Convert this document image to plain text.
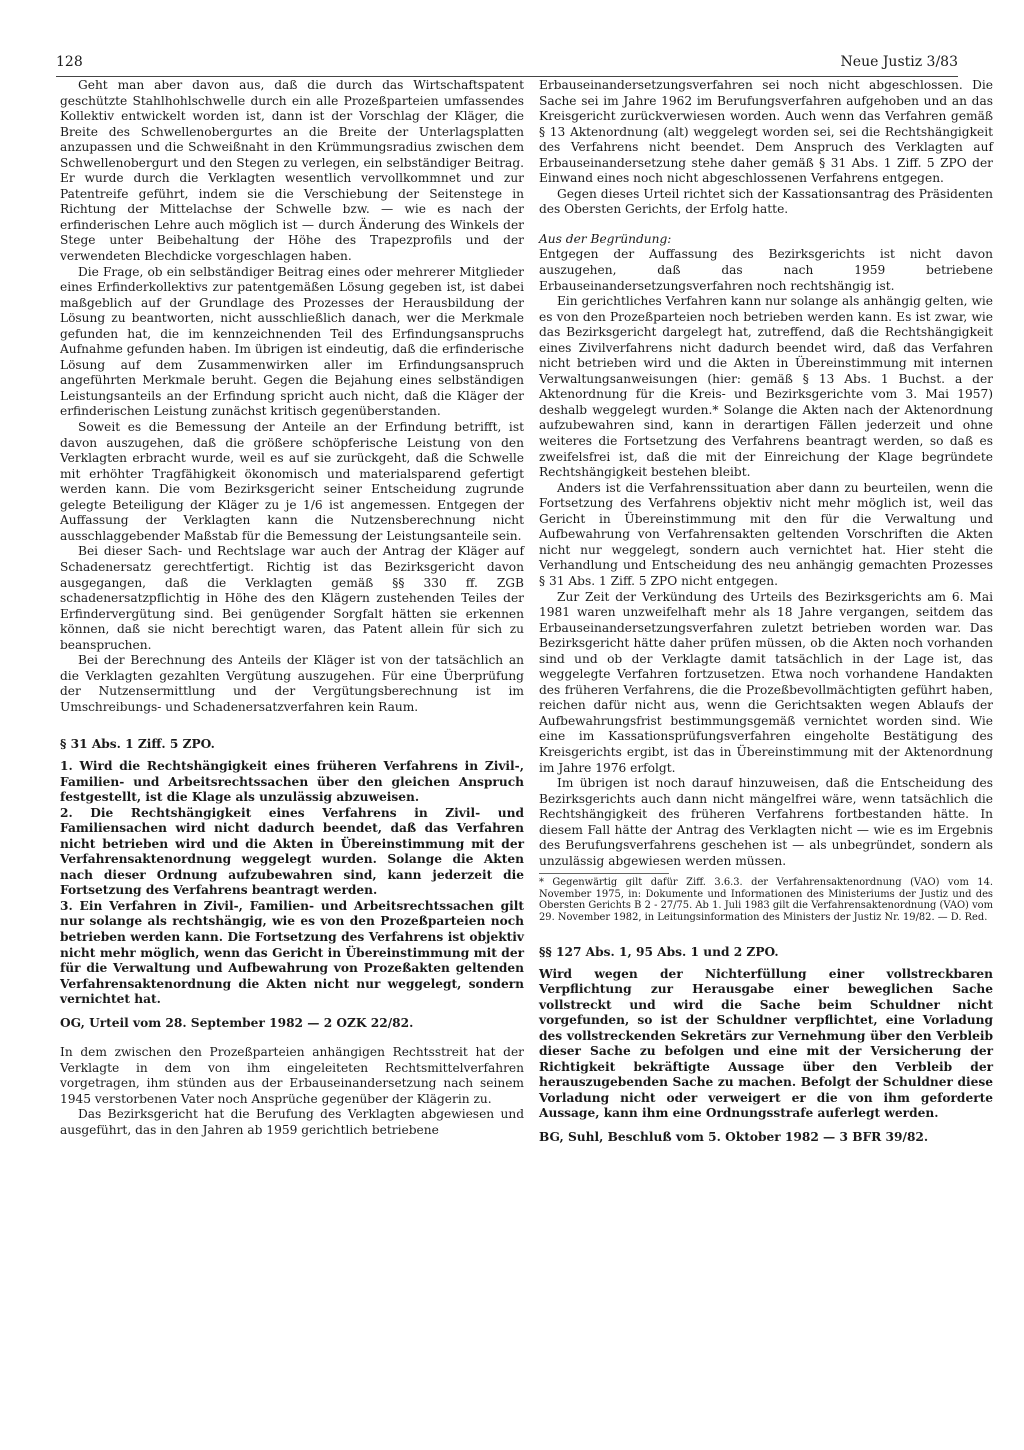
128	Neue Justiz 3/83

Geht man aber davon aus, daß die durch das Wirtschaftspatent geschützte Stahlhohlschwelle durch ein alle Prozeßparteien umfassendes Kollektiv entwickelt worden ist, dann ist der Vorschlag der Kläger, die Breite des Schwellenobergurtes an die Breite der Unterlagsplatten anzupassen und die Schweißnaht in den Krümmungsradius zwischen dem Schwellenobergurt und den Stegen zu verlegen, ein selbständiger Beitrag. Er wurde durch die Verklagten wesentlich vervollkommnet und zur Patentreife geführt, indem sie die Verschiebung der Seitenstege in Richtung der Mittelachse der Schwelle bzw. — wie es nach der erfinderischen Lehre auch möglich ist — durch Änderung des Winkels der Stege unter Beibehaltung der Höhe des Trapezprofils und der verwendeten Blechdicke vorgeschlagen haben.

Die Frage, ob ein selbständiger Beitrag eines oder mehrerer Mitglieder eines Erfinderkollektivs zur patentgemäßen Lösung gegeben ist, ist dabei maßgeblich auf der Grundlage des Prozesses der Herausbildung der Lösung zu beantworten, nicht ausschließlich danach, wer die Merkmale gefunden hat, die im kennzeichnenden Teil des Erfindungsanspruchs Aufnahme gefunden haben. Im übrigen ist eindeutig, daß die erfinderische Lösung auf dem Zusammenwirken aller im Erfindungsanspruch angeführten Merkmale beruht. Gegen die Bejahung eines selbständigen Leistungsanteils an der Erfindung spricht auch nicht, daß die Kläger der erfinderischen Leistung zunächst kritisch gegenüberstanden.

Soweit es die Bemessung der Anteile an der Erfindung betrifft, ist davon auszugehen, daß die größere schöpferische Leistung von den Verklagten erbracht wurde, weil es auf sie zurückgeht, daß die Schwelle mit erhöhter Tragfähigkeit ökonomisch und materialsparend gefertigt werden kann. Die vom Bezirksgericht seiner Entscheidung zugrunde gelegte Beteiligung der Kläger zu je 1/6 ist angemessen. Entgegen der Auffassung der Verklagten kann die Nutzensberechnung nicht ausschlaggebender Maßstab für die Bemessung der Leistungsanteile sein.

Bei dieser Sach- und Rechtslage war auch der Antrag der Kläger auf Schadenersatz gerechtfertigt. Richtig ist das Bezirksgericht davon ausgegangen, daß die Verklagten gemäß §§ 330 ff. ZGB schadenersatzpflichtig in Höhe des den Klägern zustehenden Teiles der Erfindervergütung sind. Bei genügender Sorgfalt hätten sie erkennen können, daß sie nicht berechtigt waren, das Patent allein für sich zu beanspruchen.

Bei der Berechnung des Anteils der Kläger ist von der tatsächlich an die Verklagten gezahlten Vergütung auszugehen. Für eine Überprüfung der Nutzensermittlung und der Vergütungsberechnung ist im Umschreibungs- und Schadenersatzverfahren kein Raum.

§ 31 Abs. 1 Ziff. 5 ZPO.

1. Wird die Rechtshängigkeit eines früheren Verfahrens in Zivil-, Familien- und Arbeitsrechtssachen über den gleichen Anspruch festgestellt, ist die Klage als unzulässig abzuweisen.

2. Die Rechtshängigkeit eines Verfahrens in Zivil- und Familiensachen wird nicht dadurch beendet, daß das Verfahren nicht betrieben wird und die Akten in Übereinstimmung mit der Verfahrensaktenordnung weggelegt wurden. Solange die Akten nach dieser Ordnung aufzubewahren sind, kann jederzeit die Fortsetzung des Verfahrens beantragt werden.

3. Ein Verfahren in Zivil-, Familien- und Arbeitsrechtssachen gilt nur solange als rechtshängig, wie es von den Prozeßparteien noch betrieben werden kann. Die Fortsetzung des Verfahrens ist objektiv nicht mehr möglich, wenn das Gericht in Übereinstimmung mit der für die Verwaltung und Aufbewahrung von Prozeßakten geltenden Verfahrensaktenordnung die Akten nicht nur weggelegt, sondern vernichtet hat.

OG, Urteil vom 28. September 1982 — 2 OZK 22/82.

In dem zwischen den Prozeßparteien anhängigen Rechtsstreit hat der Verklagte in dem von ihm eingeleiteten Rechtsmittelverfahren vorgetragen, ihm stünden aus der Erbauseinandersetzung nach seinem 1945 verstorbenen Vater noch Ansprüche gegenüber der Klägerin zu.

Das Bezirksgericht hat die Berufung des Verklagten abgewiesen und ausgeführt, das in den Jahren ab 1959 gerichtlich betriebene

Erbauseinandersetzungsverfahren sei noch nicht abgeschlossen. Die Sache sei im Jahre 1962 im Berufungsverfahren aufgehoben und an das Kreisgericht zurückverwiesen worden. Auch wenn das Verfahren gemäß § 13 Aktenordnung (alt) weggelegt worden sei, sei die Rechtshängigkeit des Verfahrens nicht beendet. Dem Anspruch des Verklagten auf Erbauseinandersetzung stehe daher gemäß § 31 Abs. 1 Ziff. 5 ZPO der Einwand eines noch nicht abgeschlossenen Verfahrens entgegen.

Gegen dieses Urteil richtet sich der Kassationsantrag des Präsidenten des Obersten Gerichts, der Erfolg hatte.

Aus der Begründung:

Entgegen der Auffassung des Bezirksgerichts ist nicht davon auszugehen, daß das nach 1959 betriebene Erbauseinandersetzungsverfahren noch rechtshängig ist.

Ein gerichtliches Verfahren kann nur solange als anhängig gelten, wie es von den Prozeßparteien noch betrieben werden kann. Es ist zwar, wie das Bezirksgericht dargelegt hat, zutreffend, daß die Rechtshängigkeit eines Zivilverfahrens nicht dadurch beendet wird, daß das Verfahren nicht betrieben wird und die Akten in Übereinstimmung mit internen Verwaltungsanweisungen (hier: gemäß § 13 Abs. 1 Buchst. a der Aktenordnung für die Kreis- und Bezirksgerichte vom 3. Mai 1957) deshalb weggelegt wurden.* Solange die Akten nach der Aktenordnung aufzubewahren sind, kann in derartigen Fällen jederzeit und ohne weiteres die Fortsetzung des Verfahrens beantragt werden, so daß es zweifelsfrei ist, daß die mit der Einreichung der Klage begründete Rechtshängigkeit bestehen bleibt.

Anders ist die Verfahrenssituation aber dann zu beurteilen, wenn die Fortsetzung des Verfahrens objektiv nicht mehr möglich ist, weil das Gericht in Übereinstimmung mit den für die Verwaltung und Aufbewahrung von Verfahrensakten geltenden Vorschriften die Akten nicht nur weggelegt, sondern auch vernichtet hat. Hier steht die Verhandlung und Entscheidung des neu anhängig gemachten Prozesses § 31 Abs. 1 Ziff. 5 ZPO nicht entgegen.

Zur Zeit der Verkündung des Urteils des Bezirksgerichts am 6. Mai 1981 waren unzweifelhaft mehr als 18 Jahre vergangen, seitdem das Erbauseinandersetzungsverfahren zuletzt betrieben worden war. Das Bezirksgericht hätte daher prüfen müssen, ob die Akten noch vorhanden sind und ob der Verklagte damit tatsächlich in der Lage ist, das weggelegte Verfahren fortzusetzen. Etwa noch vorhandene Handakten des früheren Verfahrens, die die Prozeßbevollmächtigten geführt haben, reichen dafür nicht aus, wenn die Gerichtsakten wegen Ablaufs der Aufbewahrungsfrist bestimmungsgemäß vernichtet worden sind. Wie eine im Kassationsprüfungsverfahren eingeholte Bestätigung des Kreisgerichts ergibt, ist das in Übereinstimmung mit der Aktenordnung im Jahre 1976 erfolgt.

Im übrigen ist noch darauf hinzuweisen, daß die Entscheidung des Bezirksgerichts auch dann nicht mängelfrei wäre, wenn tatsächlich die Rechtshängigkeit des früheren Verfahrens fortbestanden hätte. In diesem Fall hätte der Antrag des Verklagten nicht — wie es im Ergebnis des Berufungsverfahrens geschehen ist — als unbegründet, sondern als unzulässig abgewiesen werden müssen.

* Gegenwärtig gilt dafür Ziff. 3.6.3. der Verfahrensaktenordnung (VAO) vom 14. November 1975, in: Dokumente und Informationen des Ministeriums der Justiz und des Obersten Gerichts B 2 - 27/75. Ab 1. Juli 1983 gilt die Verfahrensaktenordnung (VAO) vom 29. November 1982, in Leitungsinformation des Ministers der Justiz Nr. 19/82. — D. Red.

§§ 127 Abs. 1, 95 Abs. 1 und 2 ZPO.

Wird wegen der Nichterfüllung einer vollstreckbaren Verpflichtung zur Herausgabe einer beweglichen Sache vollstreckt und wird die Sache beim Schuldner nicht vorgefunden, so ist der Schuldner verpflichtet, eine Vorladung des vollstreckenden Sekretärs zur Vernehmung über den Verbleib dieser Sache zu befolgen und eine mit der Versicherung der Richtigkeit bekräftigte Aussage über den Verbleib der herauszugebenden Sache zu machen. Befolgt der Schuldner diese Vorladung nicht oder verweigert er die von ihm geforderte Aussage, kann ihm eine Ordnungsstrafe auferlegt werden.

BG, Suhl, Beschluß vom 5. Oktober 1982 — 3 BFR 39/82.
